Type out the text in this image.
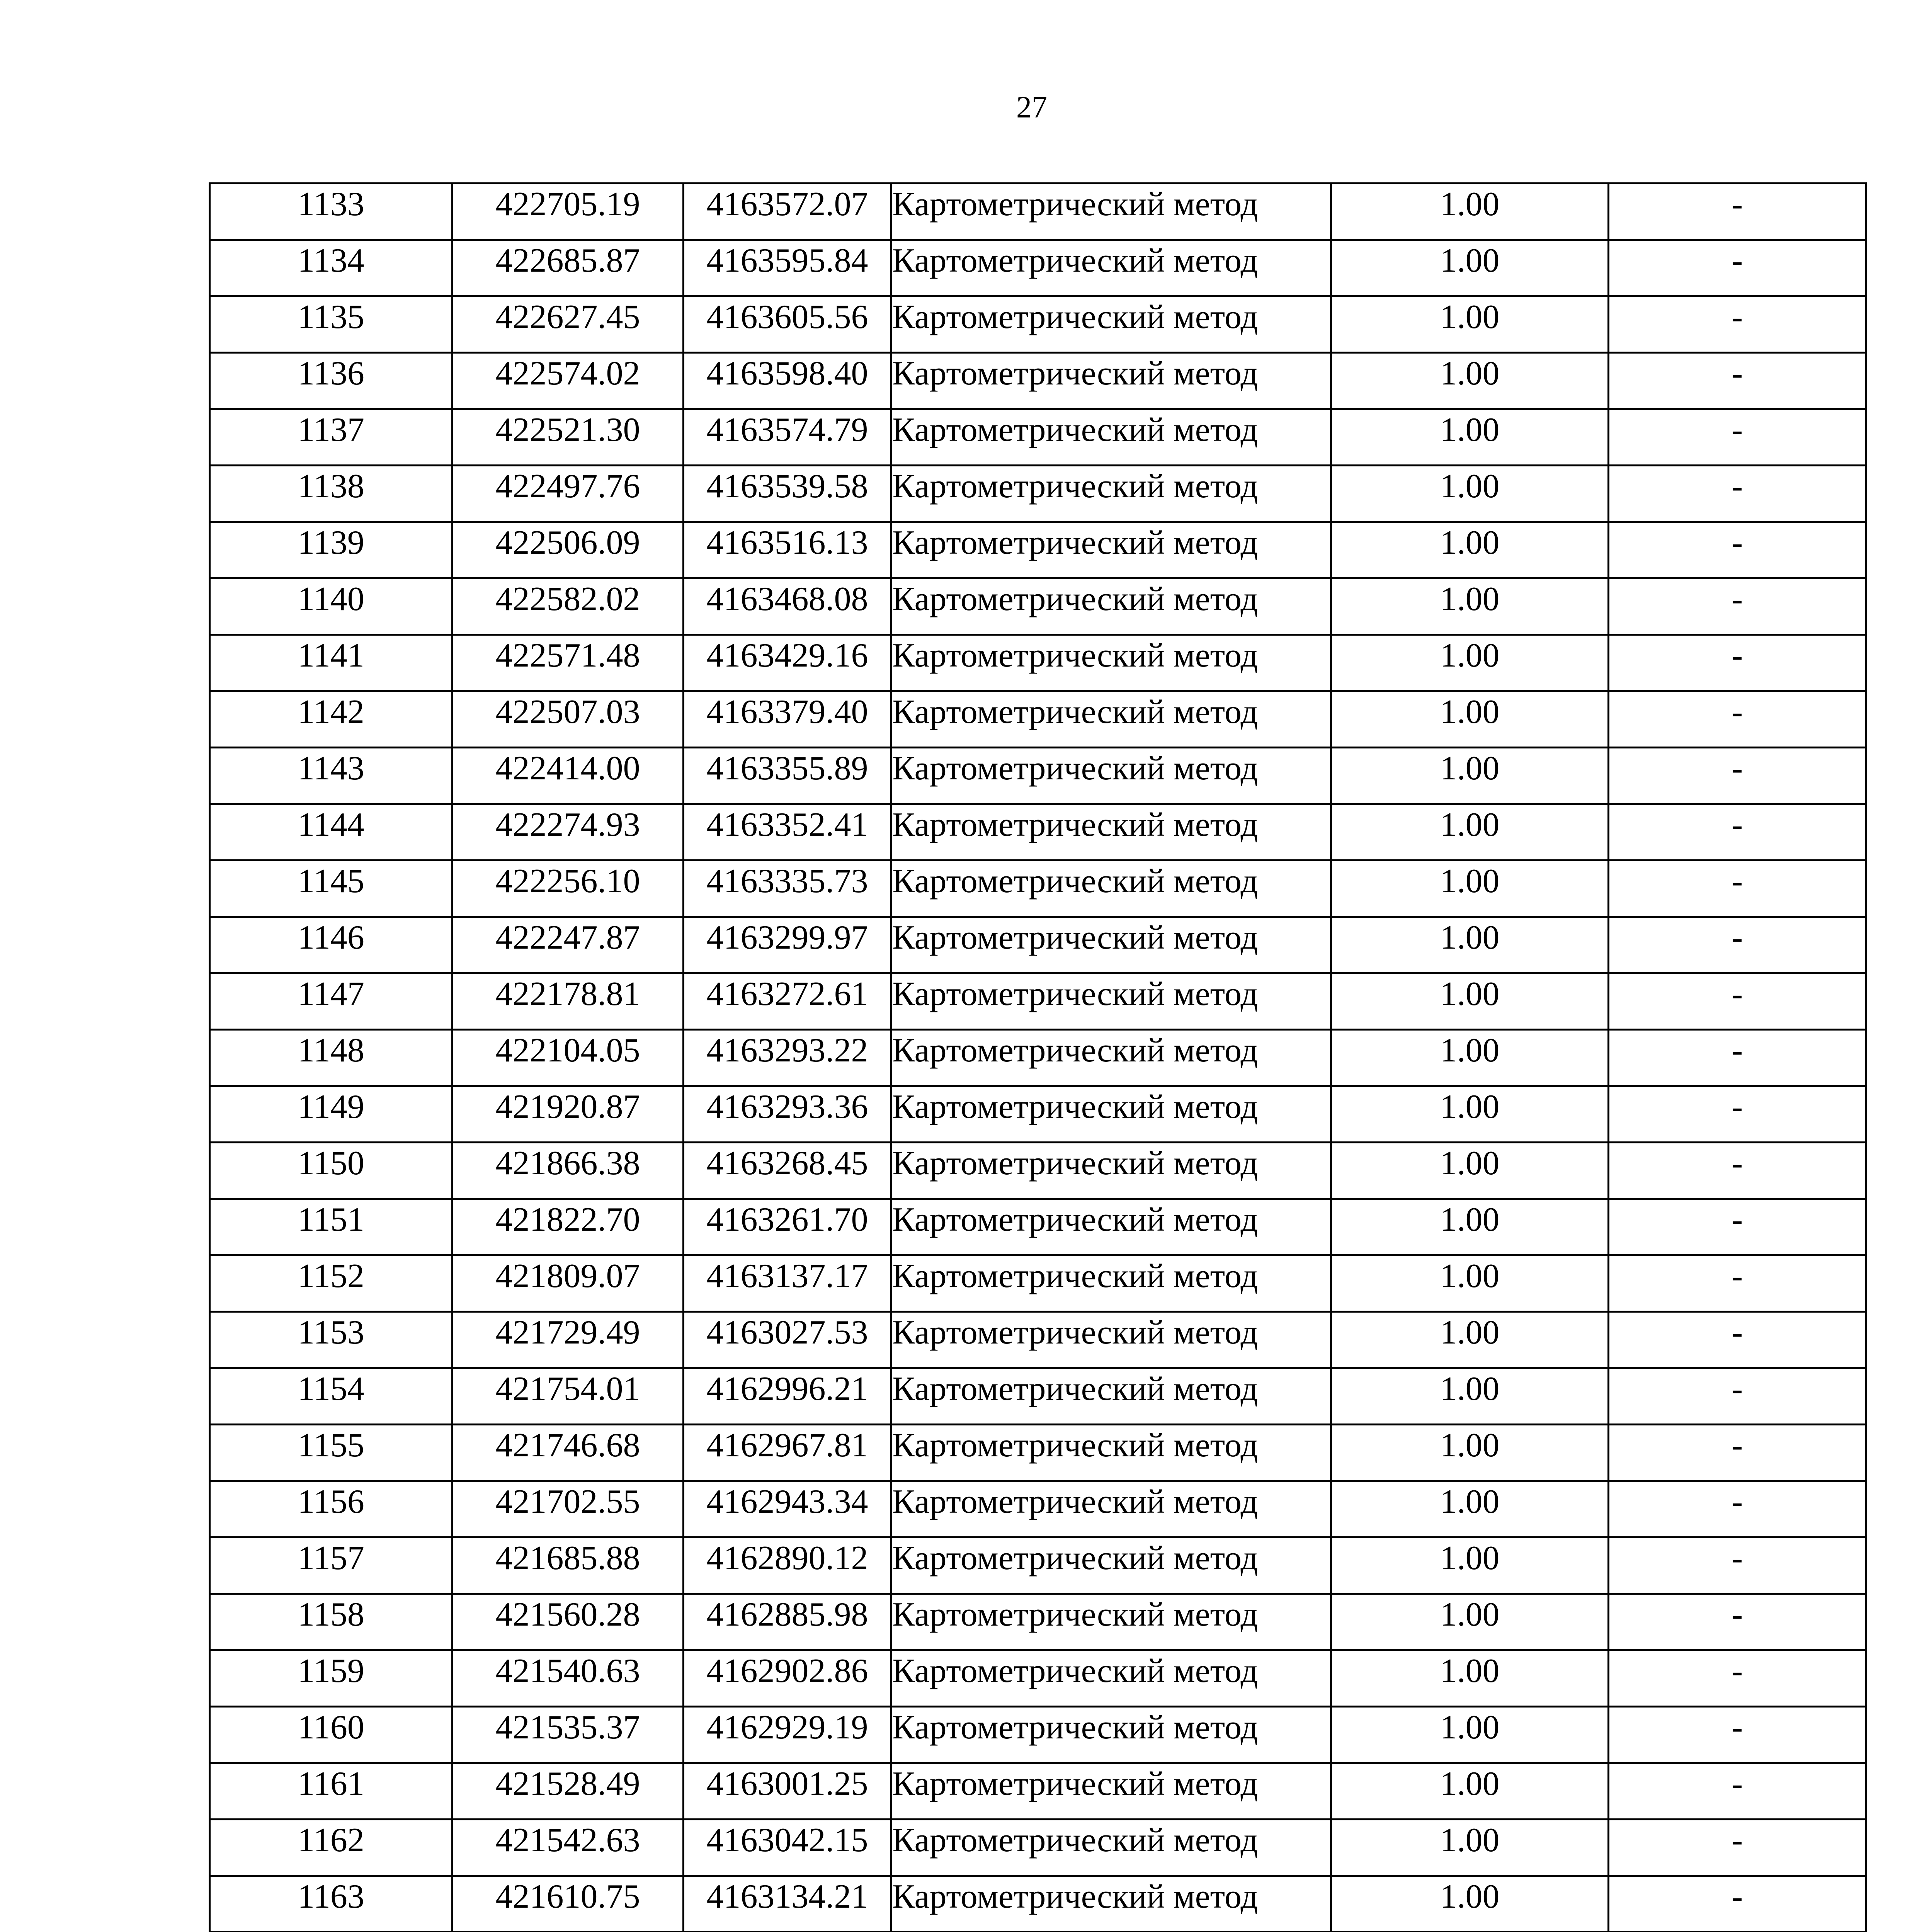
27
1133	422705.19	4163572.07	Картометрический метод	1.00	-
1134	422685.87	4163595.84	Картометрический метод	1.00	-
1135	422627.45	4163605.56	Картометрический метод	1.00	-
1136	422574.02	4163598.40	Картометрический метод	1.00	-
1137	422521.30	4163574.79	Картометрический метод	1.00	-
1138	422497.76	4163539.58	Картометрический метод	1.00	-
1139	422506.09	4163516.13	Картометрический метод	1.00	-
1140	422582.02	4163468.08	Картометрический метод	1.00	-
1141	422571.48	4163429.16	Картометрический метод	1.00	-
1142	422507.03	4163379.40	Картометрический метод	1.00	-
1143	422414.00	4163355.89	Картометрический метод	1.00	-
1144	422274.93	4163352.41	Картометрический метод	1.00	-
1145	422256.10	4163335.73	Картометрический метод	1.00	-
1146	422247.87	4163299.97	Картометрический метод	1.00	-
1147	422178.81	4163272.61	Картометрический метод	1.00	-
1148	422104.05	4163293.22	Картометрический метод	1.00	-
1149	421920.87	4163293.36	Картометрический метод	1.00	-
1150	421866.38	4163268.45	Картометрический метод	1.00	-
1151	421822.70	4163261.70	Картометрический метод	1.00	-
1152	421809.07	4163137.17	Картометрический метод	1.00	-
1153	421729.49	4163027.53	Картометрический метод	1.00	-
1154	421754.01	4162996.21	Картометрический метод	1.00	-
1155	421746.68	4162967.81	Картометрический метод	1.00	-
1156	421702.55	4162943.34	Картометрический метод	1.00	-
1157	421685.88	4162890.12	Картометрический метод	1.00	-
1158	421560.28	4162885.98	Картометрический метод	1.00	-
1159	421540.63	4162902.86	Картометрический метод	1.00	-
1160	421535.37	4162929.19	Картометрический метод	1.00	-
1161	421528.49	4163001.25	Картометрический метод	1.00	-
1162	421542.63	4163042.15	Картометрический метод	1.00	-
1163	421610.75	4163134.21	Картометрический метод	1.00	-
